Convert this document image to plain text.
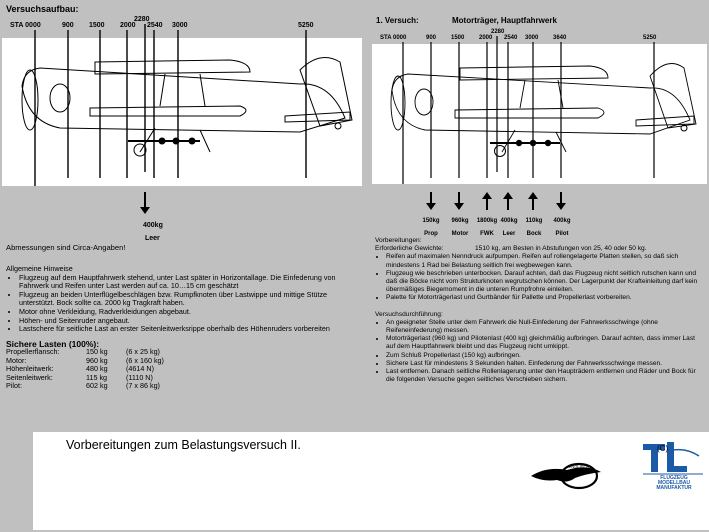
Versuchsaufbau:
STA 0000	900 1500 2000
2280
2540 3000	5250
400kg
Leer
1. Versuch:	Motorträger, Hauptfahrwerk
STA 0000	900 1500 2000
2280
2540 3000 3640	5250
150kg 960kg 1800kg 400kg 110kg 400kg
Prop Motor FWK Leer Bock Pilot
Abmessungen sind Circa-Angaben!
Allgemeine Hinweise
• Flugzeug auf dem Hauptfahrwerk stehend, unter Last später in Horizontallage. Die Einfederung von Fahrwerk und Reifen unter Last werden auf ca. 10…15 cm geschätzt
• Flugzeug an beiden Unterflügelbeschlägen bzw. Rumpfknoten über Lastwippe und mittige Stütze unterstützt. Bock sollte ca. 2000 kg Tragkraft haben.
• Motor ohne Verkleidung, Radverkleidungen abgebaut.
• Höhen- und Seitenruder angebaut.
• Lastschere für seitliche Last an erster Seitenleitwerksrippe oberhalb des Höhenruders vorbereiten
Sichere Lasten (100%):
Propellerflansch:	150 kg	(6 x 25 kg)
Motor:	960 kg	(6 x 160 kg)
Höhenleitwerk:	480 kg	(4614 N)
Seitenleitwerk:	115 kg	(1110 N)
Pilot:	602 kg	(7 x 86 kg)
Vorbereitungen:
Erforderliche Gewichte:	1510 kg, am Besten in Abstufungen von 25, 40 oder 50 kg.
• Reifen auf maximalen Nenndruck aufpumpen. Reifen auf rollengelagerte Platten stellen, so daß sich mindestens 1 Rad bei Belastung seitlich frei wegbewegen kann.
• Flugzeug wie beschrieben unterbocken. Darauf achten, daß das Flugzeug nicht seitlich rutschen kann und daß die Böcke nicht vom Strukturknoten wegrutschen können. Der Lagerpunkt der Krafteinleitung darf kein übermäßiges Biegemoment in die unteren Rumpfrohre einleiten.
• Palette für Motorträgerlast und Gurtbänder für Pallette und Propellerlast vorbereiten.
Versuchsdurchführung:
• An geeigneter Stelle unter dem Fahrwerk die Null-Einfederung der Fahrwerksschwinge (ohne Reifeneinfederung) messen.
• Motorträgerlast (960 kg) und Pilotenlast (400 kg) gleichmäßig aufbringen. Darauf achten, dass immer Last auf dem Hauptfahrwerk bleibt und das Flugzeug nicht umkippt.
• Zum Schluß Propellerlast (150 kg) aufbringen.
• Sichere Last für mindestens 3 Sekunden halten. Einfederung der Fahrwerksschwinge messen.
• Last entfernen. Danach seitliche Rollenlagerung unter den Haupträdern entfernen und Räder und Bock für die folgenden Versuche gegen seitliches Verschieben sichern.
Vorbereitungen zum Belastungsversuch II.
ENGLISCH
FLUGZEUG
MODELLBAU
MANUFAKTUR
(C)
